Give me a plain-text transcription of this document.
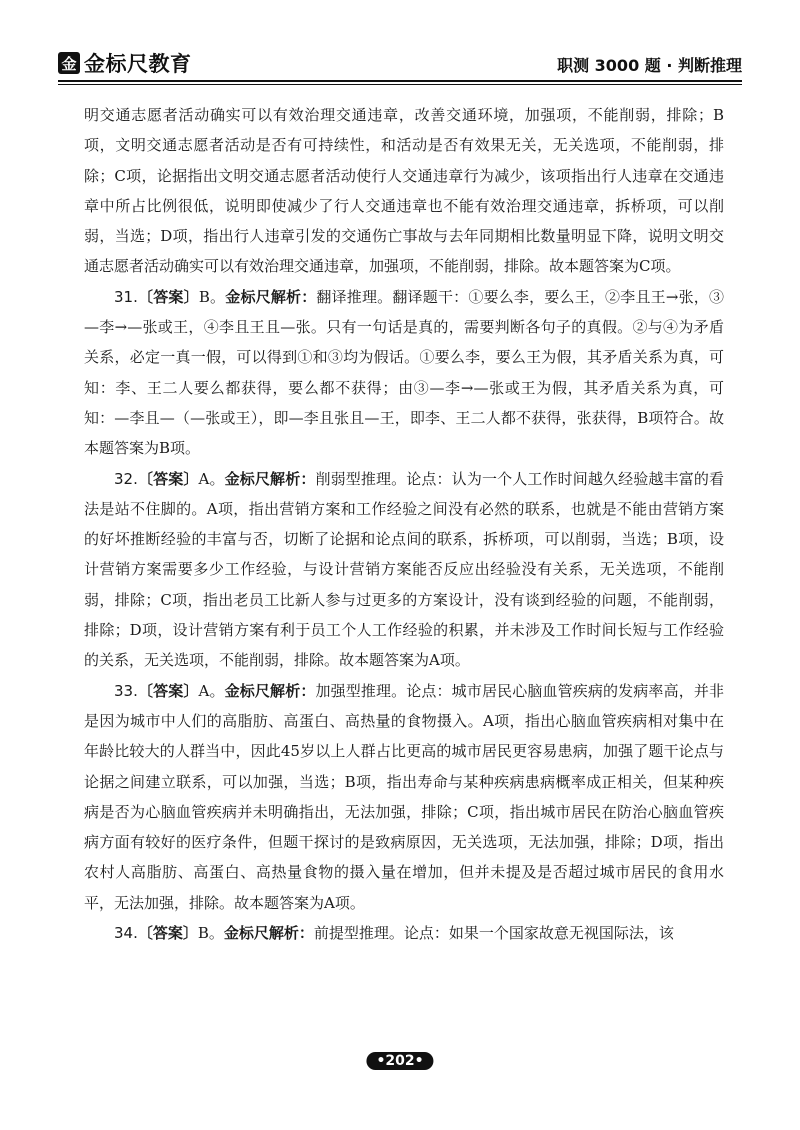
金 金标尺教育	职测 3000 题 · 判断推理

明交通志愿者活动确实可以有效治理交通违章，改善交通环境，加强项，不能削弱，排除；B项，文明交通志愿者活动是否有可持续性，和活动是否有效果无关，无关选项，不能削弱，排除；C项，论据指出文明交通志愿者活动使行人交通违章行为减少，该项指出行人违章在交通违章中所占比例很低，说明即使减少了行人交通违章也不能有效治理交通违章，拆桥项，可以削弱，当选；D项，指出行人违章引发的交通伤亡事故与去年同期相比数量明显下降，说明文明交通志愿者活动确实可以有效治理交通违章，加强项，不能削弱，排除。故本题答案为C项。

31.〔答案〕B。金标尺解析：翻译推理。翻译题干：①要么李，要么王，②李且王→张，③—李→—张或王，④李且王且—张。只有一句话是真的，需要判断各句子的真假。②与④为矛盾关系，必定一真一假，可以得到①和③均为假话。①要么李，要么王为假，其矛盾关系为真，可知：李、王二人要么都获得，要么都不获得；由③—李→—张或王为假，其矛盾关系为真，可知：—李且—（—张或王），即—李且张且—王，即李、王二人都不获得，张获得，B项符合。故本题答案为B项。

32.〔答案〕A。金标尺解析：削弱型推理。论点：认为一个人工作时间越久经验越丰富的看法是站不住脚的。A项，指出营销方案和工作经验之间没有必然的联系，也就是不能由营销方案的好坏推断经验的丰富与否，切断了论据和论点间的联系，拆桥项，可以削弱，当选；B项，设计营销方案需要多少工作经验，与设计营销方案能否反应出经验没有关系，无关选项，不能削弱，排除；C项，指出老员工比新人参与过更多的方案设计，没有谈到经验的问题，不能削弱，排除；D项，设计营销方案有利于员工个人工作经验的积累，并未涉及工作时间长短与工作经验的关系，无关选项，不能削弱，排除。故本题答案为A项。

33.〔答案〕A。金标尺解析：加强型推理。论点：城市居民心脑血管疾病的发病率高，并非是因为城市中人们的高脂肪、高蛋白、高热量的食物摄入。A项，指出心脑血管疾病相对集中在年龄比较大的人群当中，因此45岁以上人群占比更高的城市居民更容易患病，加强了题干论点与论据之间建立联系，可以加强，当选；B项，指出寿命与某种疾病患病概率成正相关，但某种疾病是否为心脑血管疾病并未明确指出，无法加强，排除；C项，指出城市居民在防治心脑血管疾病方面有较好的医疗条件，但题干探讨的是致病原因，无关选项，无法加强，排除；D项，指出农村人高脂肪、高蛋白、高热量食物的摄入量在增加，但并未提及是否超过城市居民的食用水平，无法加强，排除。故本题答案为A项。

34.〔答案〕B。金标尺解析：前提型推理。论点：如果一个国家故意无视国际法，该

•202•
